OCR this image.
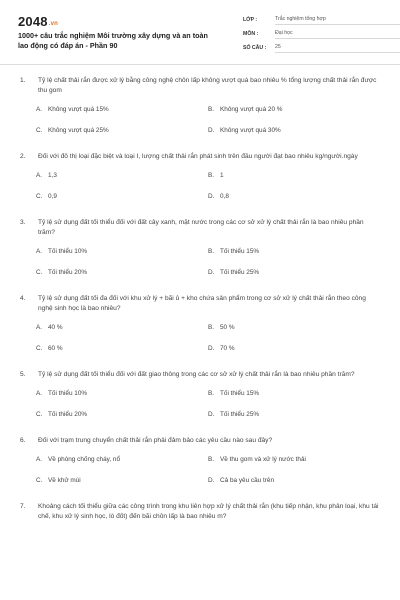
2048.vn
1000+ câu trắc nghiệm Môi trường xây dựng và an toàn lao động có đáp án - Phần 90
LỚP :	Trắc nghiệm tổng hợp
MÔN :	Đại học
SỐ CÂU :	25
1.	Tỷ lệ chất thải rắn được xử lý bằng công nghệ chôn lấp không vượt quá bao nhiêu % tổng lượng chất thải rắn được thu gom
A. Không vượt quá 15%	B. Không vượt quá 20 %
C. Không vượt quá 25%	D. Không vượt quá 30%
2.	Đối với đô thị loại đặc biệt và loại I, lượng chất thải rắn phát sinh trên đầu người đạt bao nhiêu kg/người.ngày
A. 1,3	B. 1
C. 0,9	D. 0,8
3.	Tỷ lệ sử dụng đất tối thiểu đối với đất cây xanh, mặt nước trong các cơ sở xử lý chất thải rắn là bao nhiêu phần trăm?
A. Tối thiểu 10%	B. Tối thiểu 15%
C. Tối thiểu 20%	D. Tối thiểu 25%
4.	Tỷ lệ sử dụng đất tối đa đối với khu xử lý + bãi ủ + kho chứa sản phẩm trong cơ sở xử lý chất thải rắn theo công nghệ sinh học là bao nhiêu?
A. 40 %	B. 50 %
C. 60 %	D. 70 %
5.	Tỷ lệ sử dụng đất tối thiểu đối với đất giao thông trong các cơ sở xử lý chất thải rắn là bao nhiêu phần trăm?
A. Tối thiểu 10%	B. Tối thiểu 15%
C. Tối thiểu 20%	D. Tối thiểu 25%
6.	Đối với trạm trung chuyển chất thải rắn phải đảm bảo các yêu cầu nào sau đây?
A. Về phòng chống cháy, nổ	B. Về thu gom và xử lý nước thải
C. Về khử mùi	D. Cả ba yêu cầu trên
7.	Khoảng cách tối thiểu giữa các công trình trong khu liên hợp xử lý chất thải rắn (khu tiếp nhận, khu phân loại, khu tái chế, khu xử lý sinh học, lò đốt) đến bãi chôn lấp là bao nhiêu m?
